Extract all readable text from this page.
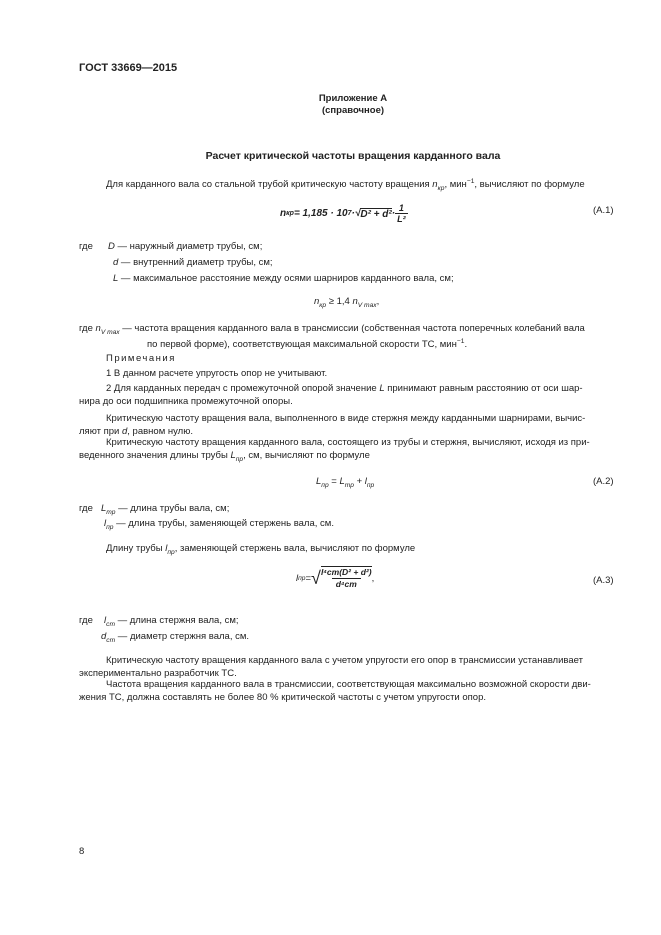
ГОСТ 33669—2015
Приложение А
(справочное)
Расчет критической частоты вращения карданного вала
Для карданного вала со стальной трубой критическую частоту вращения $n_{кр}$, мин$^{-1}$, вычисляют по формуле
n кр = 1,185 · 10 7 · √ $D^2 + d^2 \cdot \frac{1}{\text{L²}}$	(А.1)
где D — наружный диаметр трубы, см;
d — внутренний диаметр трубы, см;
L — максимальное расстояние между осями шарниров карданного вала, см;
$n_{кр} \ge 1,4$ $n_{V max}$,
где $n_{V max}$ — частота вращения карданного вала в трансмиссии (собственная частота поперечных колебаний вала
по первой форме), соответствующая максимальной скорости ТС, мин$^{-1}$.
Примечания
1 В данном расчете упругость опор не учитывают.
2 Для карданных передач с промежуточной опорой значение L принимают равным расстоянию от оси шар-
нира до оси подшипника промежуточной опоры.
Критическую частоту вращения вала, выполненного в виде стержня между карданными шарнирами, вычис-
ляют при d, равном нулю.
Критическую частоту вращения карданного вала, состоящего из трубы и стержня, вычисляют, исходя из при-
веденного значения длины трубы $L_{пр}$, см, вычисляют по формуле
$L_{пр} = L_{тр} + l_{пр}$	(А.2)
где $L_{тр}$ — длина трубы вала, см;
$l_{пр}$ — длина трубы, заменяющей стержень вала, см.
Длину трубы $l_{пр}$, заменяющей стержень вала, вычисляют по формуле
l пр = √ l⁴ст(D² + d²)
d⁴ст
,	(А.3)
где $l_{ст}$ — длина стержня вала, см;
$d_{ст}$ — диаметр стержня вала, см.
Критическую частоту вращения карданного вала с учетом упругости его опор в трансмиссии устанавливает
экспериментально разработчик ТС.
Частота вращения карданного вала в трансмиссии, соответствующая максимально возможной скорости дви-
жения ТС, должна составлять не более 80 % критической частоты с учетом упругости опор.
8
